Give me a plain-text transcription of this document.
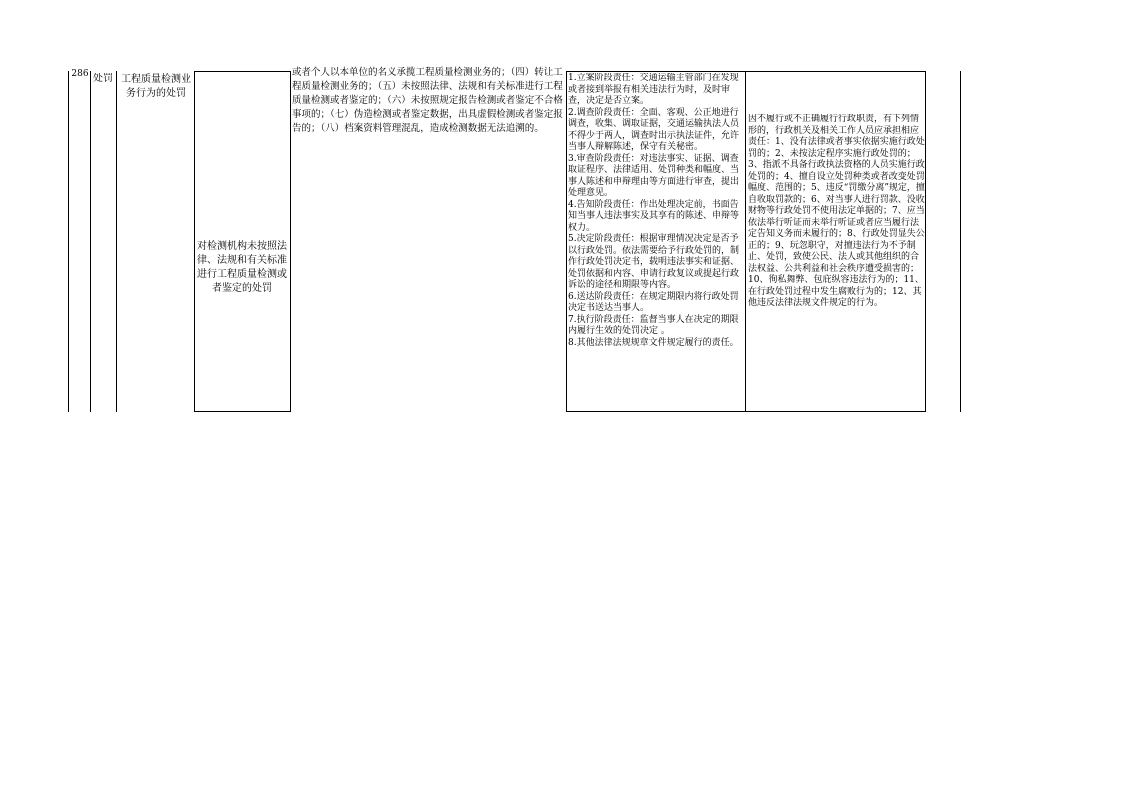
286 处罚 工程质量检测业务行为的处罚
对检测机构未按照法律、法规和有关标准进行工程质量检测或者鉴定的处罚
或者个人以本单位的名义承揽工程质量检测业务的；（四）转让工程质量检测业务的；（五）未按照法律、法规和有关标准进行工程质量检测或者鉴定的；（六）未按照规定报告检测或者鉴定不合格事项的；（七）伪造检测或者鉴定数据，出具虚假检测或者鉴定报告的；（八）档案资料管理混乱，造成检测数据无法追溯的。
1.立案阶段责任：交通运输主管部门在发现或者接到举报有相关违法行为时，及时审查，决定是否立案。
2.调查阶段责任：全面、客观、公正地进行调查，收集、调取证据，交通运输执法人员不得少于两人，调查时出示执法证件，允许当事人辩解陈述，保守有关秘密。
3.审查阶段责任：对违法事实、证据、调查取证程序、法律适用、处罚种类和幅度、当事人陈述和申辩理由等方面进行审查，提出处理意见。
4.告知阶段责任：作出处理决定前，书面告知当事人违法事实及其享有的陈述、申辩等权力。
5.决定阶段责任：根据审理情况决定是否予以行政处罚。依法需要给予行政处罚的，制作行政处罚决定书，载明违法事实和证据、处罚依据和内容、申请行政复议或提起行政诉讼的途径和期限等内容。
6.送达阶段责任：在规定期限内将行政处罚决定书送达当事人。
7.执行阶段责任：监督当事人在决定的期限内履行生效的处罚决定 。
8.其他法律法规规章文件规定履行的责任。
因不履行或不正确履行行政职责，有下列情形的，行政机关及相关工作人员应承担相应责任：1、没有法律或者事实依据实施行政处罚的；2、未按法定程序实施行政处罚的；3、指派不具备行政执法资格的人员实施行政处罚的；4、擅自设立处罚种类或者改变处罚幅度、范围的；5、违反“罚缴分离”规定，擅自收取罚款的；6、对当事人进行罚款、没收财物等行政处罚不使用法定单据的；7、应当依法举行听证而未举行听证或者应当履行法定告知义务而未履行的；8、行政处罚显失公正的；9、玩忽职守，对擅违法行为不予制止、处罚，致使公民、法人或其他组织的合法权益、公共利益和社会秩序遭受损害的；10、徇私舞弊、包庇纵容违法行为的；11、在行政处罚过程中发生腐败行为的；12、其他违反法律法规文件规定的行为。
